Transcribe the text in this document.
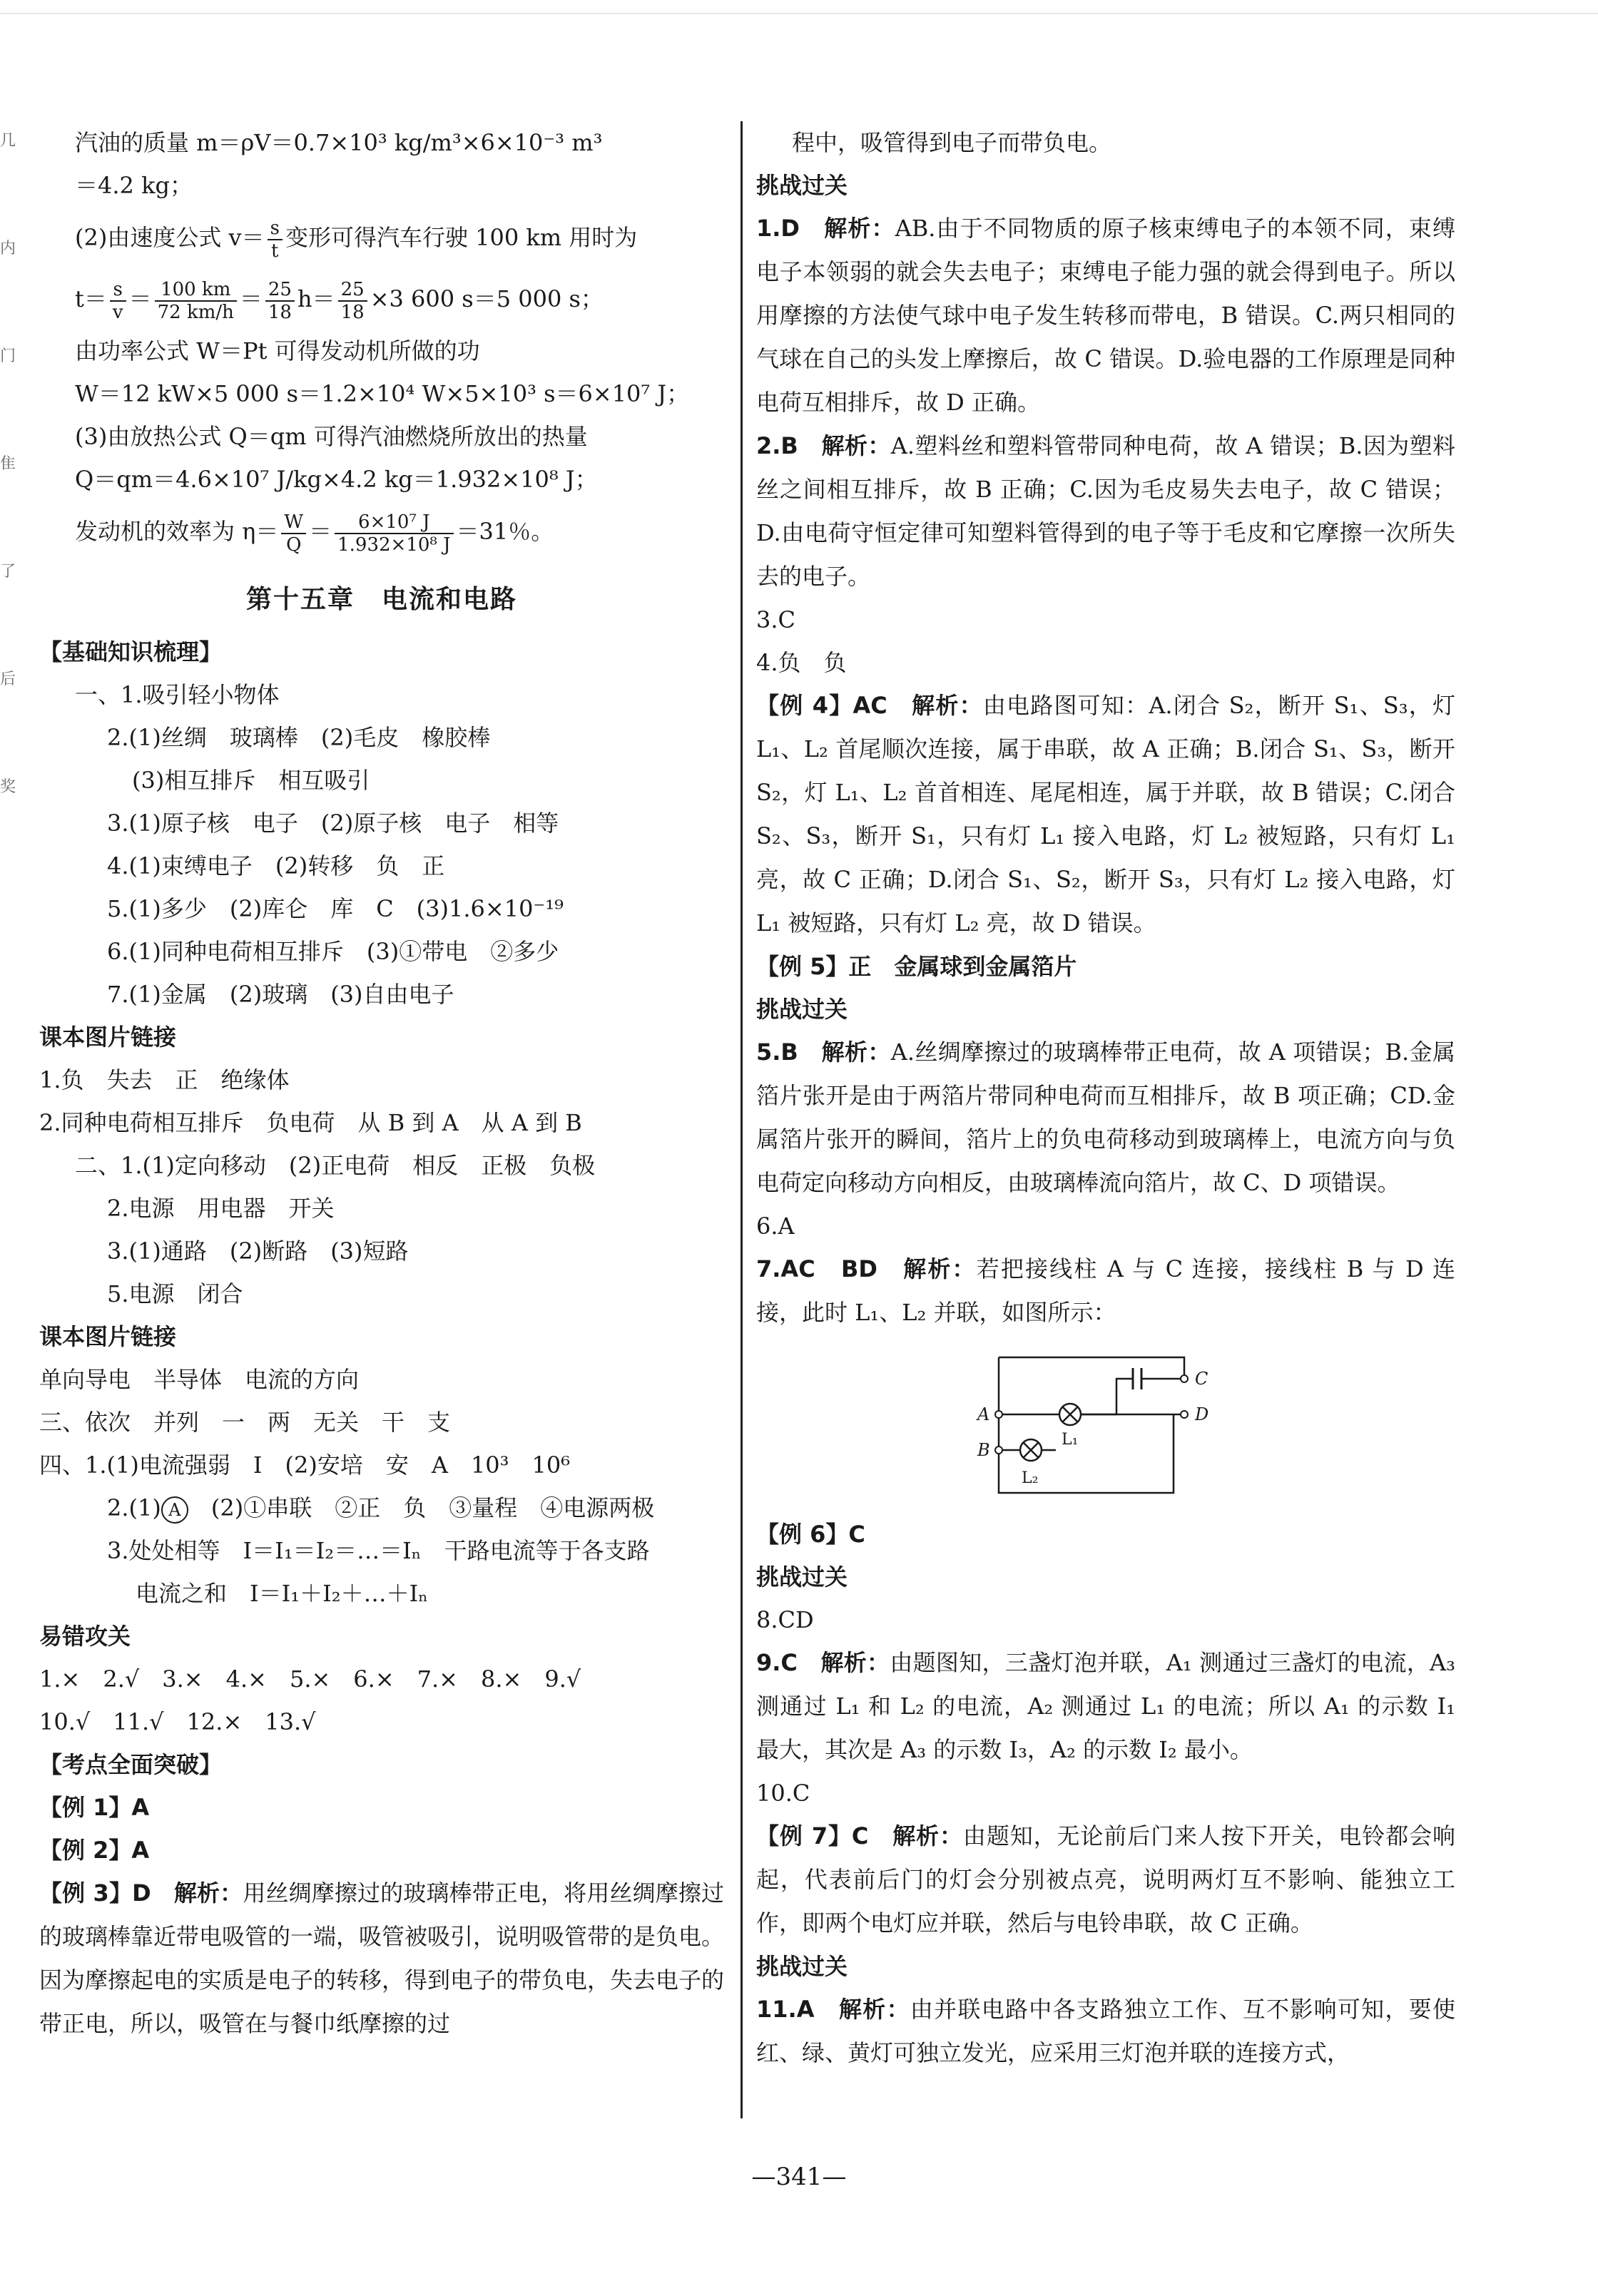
几
内
门
隹
了
后
奖
汽油的质量 m＝ρV＝0.7×10³ kg/m³×6×10⁻³ m³
＝4.2 kg；
(2)由速度公式 $v= \frac{s}{t}$ 变形可得汽车行驶 100 km 用时为
$t= \frac{s}{v} = \frac{100 km}{72 km/h} = \frac{25}{18} h= \frac{25}{18} \times 3$ 600 s＝5 000 s；
由功率公式 W＝Pt 可得发动机所做的功
W＝12 kW×5 000 s＝1.2×10⁴ W×5×10³ s＝6×10⁷ J；
(3)由放热公式 Q＝qm 可得汽油燃烧所放出的热量
Q＝qm＝4.6×10⁷ J/kg×4.2 kg＝1.932×10⁸ J；
发动机的效率为 $\eta= \frac{W}{Q} = \frac{\text{6×10⁷ J}}{\text{1.932×10⁸ J}} =31$％。
第十五章　电流和电路
【基础知识梳理】
一、1.吸引轻小物体
2.(1)丝绸　玻璃棒　(2)毛皮　橡胶棒
(3)相互排斥　相互吸引
3.(1)原子核　电子　(2)原子核　电子　相等
4.(1)束缚电子　(2)转移　负　正
5.(1)多少　(2)库仑　库　C　(3)1.6×10⁻¹⁹
6.(1)同种电荷相互排斥　(3)①带电　②多少
7.(1)金属　(2)玻璃　(3)自由电子
课本图片链接
1.负　失去　正　绝缘体
2.同种电荷相互排斥　负电荷　从 B 到 A　从 A 到 B
二、1.(1)定向移动　(2)正电荷　相反　正极　负极
2.电源　用电器　开关
3.(1)通路　(2)断路　(3)短路
5.电源　闭合
课本图片链接
单向导电　半导体　电流的方向
三、依次　并列　一　两　无关　干　支
四、1.(1)电流强弱　I　(2)安培　安　A　10³　10⁶
2.(1) A　(2)①串联　②正　负　③量程　④电源两极
3.处处相等　I＝I₁＝I₂＝…＝Iₙ　干路电流等于各支路
电流之和　I＝I₁＋I₂＋…＋Iₙ
易错攻关
1.×　2.√　3.×　4.×　5.×　6.×　7.×　8.×　9.√
10.√　11.√　12.×　13.√
【考点全面突破】
【例 1】A
【例 2】A
【例 3】D　解析：用丝绸摩擦过的玻璃棒带正电，将用丝绸摩擦过的玻璃棒靠近带电吸管的一端，吸管被吸引，说明吸管带的是负电。因为摩擦起电的实质是电子的转移，得到电子的带负电，失去电子的带正电，所以，吸管在与餐巾纸摩擦的过
程中，吸管得到电子而带负电。
挑战过关
1.D　解析：AB.由于不同物质的原子核束缚电子的本领不同，束缚电子本领弱的就会失去电子；束缚电子能力强的就会得到电子。所以用摩擦的方法使气球中电子发生转移而带电，B 错误。C.两只相同的气球在自己的头发上摩擦后，故 C 错误。D.验电器的工作原理是同种电荷互相排斥，故 D 正确。
2.B　解析：A.塑料丝和塑料管带同种电荷，故 A 错误；B.因为塑料丝之间相互排斥，故 B 正确；C.因为毛皮易失去电子，故 C 错误；D.由电荷守恒定律可知塑料管得到的电子等于毛皮和它摩擦一次所失去的电子。
3.C
4.负　负
【例 4】AC　解析：由电路图可知：A.闭合 S₂，断开 S₁、S₃，灯 L₁、L₂ 首尾顺次连接，属于串联，故 A 正确；B.闭合 S₁、S₃，断开 S₂，灯 L₁、L₂ 首首相连、尾尾相连，属于并联，故 B 错误；C.闭合 S₂、S₃，断开 S₁，只有灯 L₁ 接入电路，灯 L₂ 被短路，只有灯 L₁ 亮，故 C 正确；D.闭合 S₁、S₂，断开 S₃，只有灯 L₂ 接入电路，灯 L₁ 被短路，只有灯 L₂ 亮，故 D 错误。
【例 5】正　金属球到金属箔片
挑战过关
5.B　解析：A.丝绸摩擦过的玻璃棒带正电荷，故 A 项错误；B.金属箔片张开是由于两箔片带同种电荷而互相排斥，故 B 项正确；CD.金属箔片张开的瞬间，箔片上的负电荷移动到玻璃棒上，电流方向与负电荷定向移动方向相反，由玻璃棒流向箔片，故 C、D 项错误。
6.A
7.AC　BD　解析：若把接线柱 A 与 C 连接，接线柱 B 与 D 连接，此时 L₁、L₂ 并联，如图所示：
A
B
C
D
L₁
L₂
【例 6】C
挑战过关
8.CD
9.C　解析：由题图知，三盏灯泡并联，A₁ 测通过三盏灯的电流，A₃ 测通过 L₁ 和 L₂ 的电流，A₂ 测通过 L₁ 的电流；所以 A₁ 的示数 I₁ 最大，其次是 A₃ 的示数 I₃，A₂ 的示数 I₂ 最小。
10.C
【例 7】C　解析：由题知，无论前后门来人按下开关，电铃都会响起，代表前后门的灯会分别被点亮，说明两灯互不影响、能独立工作，即两个电灯应并联，然后与电铃串联，故 C 正确。
挑战过关
11.A　解析：由并联电路中各支路独立工作、互不影响可知，要使红、绿、黄灯可独立发光，应采用三灯泡并联的连接方式，
—341—
